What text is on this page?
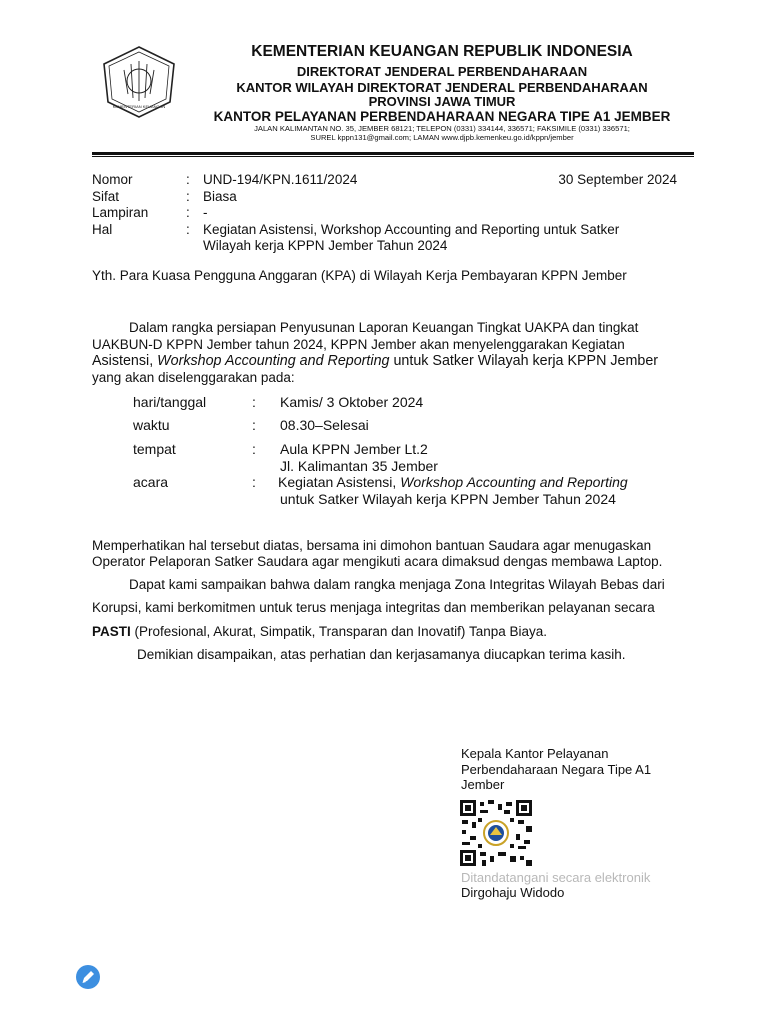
KEMENTERIAN KEUANGAN
KEMENTERIAN KEUANGAN REPUBLIK INDONESIA
DIREKTORAT JENDERAL PERBENDAHARAAN
KANTOR WILAYAH DIREKTORAT JENDERAL PERBENDAHARAAN
PROVINSI JAWA TIMUR
KANTOR PELAYANAN PERBENDAHARAAN NEGARA TIPE A1 JEMBER
JALAN KALIMANTAN NO. 35, JEMBER 68121; TELEPON (0331) 334144, 336571; FAKSIMILE (0331) 336571;
SUREL kppn131@gmail.com; LAMAN www.djpb.kemenkeu.go.id/kppn/jember
Nomor	: UND-194/KPN.1611/2024	30 September 2024
Sifat	: Biasa
Lampiran	: -
Hal	: Kegiatan Asistensi, Workshop Accounting and Reporting untuk Satker
Wilayah kerja KPPN Jember Tahun 2024
Yth. Para Kuasa Pengguna Anggaran (KPA) di Wilayah Kerja Pembayaran KPPN Jember
Dalam rangka persiapan Penyusunan Laporan Keuangan Tingkat UAKPA dan tingkat
UAKBUN-D KPPN Jember tahun 2024, KPPN Jember akan menyelenggarakan Kegiatan
Asistensi, Workshop Accounting and Reporting untuk Satker Wilayah kerja KPPN Jember
yang akan diselenggarakan pada:
hari/tanggal	: Kamis/ 3 Oktober 2024
waktu	: 08.30–Selesai
tempat	: Aula KPPN Jember Lt.2
Jl. Kalimantan 35 Jember
acara	: Kegiatan Asistensi, Workshop Accounting and Reporting
untuk Satker Wilayah kerja KPPN Jember Tahun 2024
Memperhatikan hal tersebut diatas, bersama ini dimohon bantuan Saudara agar menugaskan
Operator Pelaporan Satker Saudara agar mengikuti acara dimaksud dengas membawa Laptop.
Dapat kami sampaikan bahwa dalam rangka menjaga Zona Integritas Wilayah Bebas dari
Korupsi, kami berkomitmen untuk terus menjaga integritas dan memberikan pelayanan secara
PASTI (Profesional, Akurat, Simpatik, Transparan dan Inovatif) Tanpa Biaya.
Demikian disampaikan, atas perhatian dan kerjasamanya diucapkan terima kasih.
Kepala Kantor Pelayanan
Perbendaharaan Negara Tipe A1
Jember
Ditandatangani secara elektronik
Dirgohaju Widodo
